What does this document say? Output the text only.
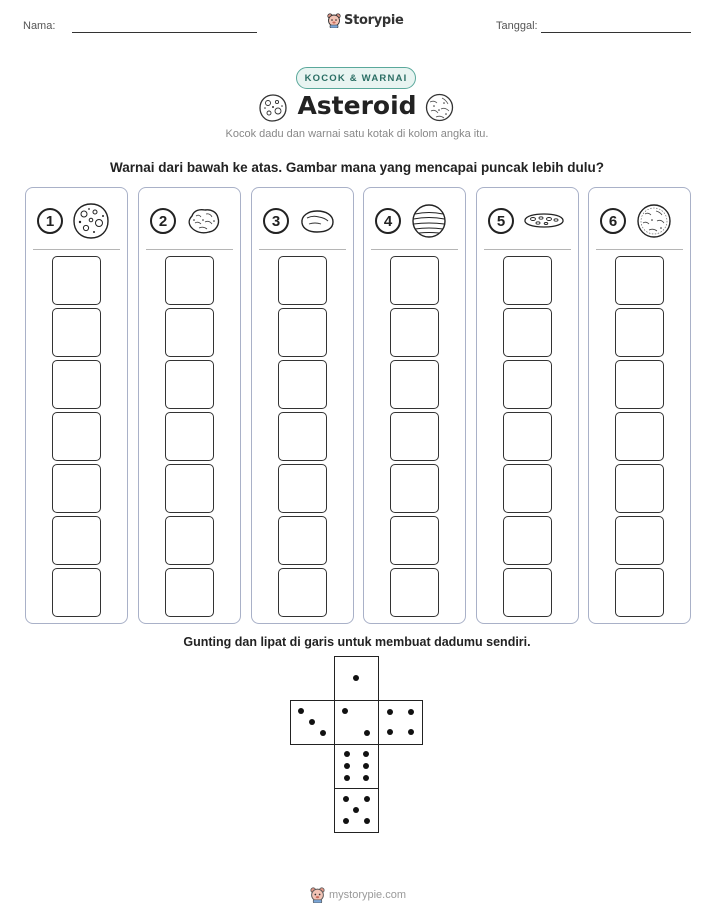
Nama:	Storypie	Tanggal:
KOCOK & WARNAI
Asteroid
Kocok dadu dan warnai satu kotak di kolom angka itu.
Warnai dari bawah ke atas. Gambar mana yang mencapai puncak lebih dulu?
1	2	3	4	5	6
Gunting dan lipat di garis untuk membuat dadumu sendiri.
mystorypie.com
